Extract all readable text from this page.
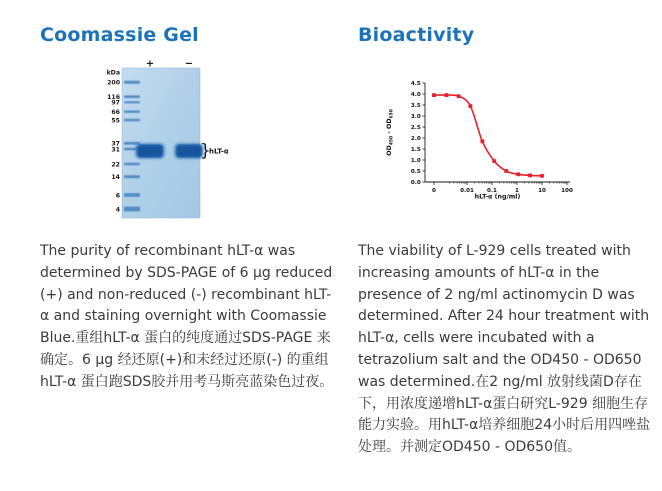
Coomassie Gel
kDa
+	−
200
116
97
66
55
37
31
22
14
6
4
}
hLT-α

The purity of recombinant hLT-α was determined by SDS-PAGE of 6 μg reduced (+) and non-reduced (-) recombinant hLT-α and staining overnight with Coomassie Blue.重组hLT-α 蛋白的纯度通过SDS-PAGE 来确定。6 μg 经还原(+)和未经过还原(-) 的重组hLT-α 蛋白跑SDS胶并用考马斯亮蓝染色过夜。

Bioactivity
0.0
0.5
1.0
1.5
2.0
2.5
3.0
3.5
4.0
4.5
0	0.01 0.1	1	10	100
hLT-α (ng/ml)
$OD_{450} - OD_{650}$

The viability of L-929 cells treated with increasing amounts of hLT-α in the presence of 2 ng/ml actinomycin D was determined. After 24 hour treatment with hLT-α, cells were incubated with a tetrazolium salt and the OD450 - OD650 was determined.在2 ng/ml 放射线菌D存在下，用浓度递增hLT-α蛋白研究L-929 细胞生存能力实验。用hLT-α培养细胞24小时后用四唑盐处理。并测定OD450 - OD650值。
